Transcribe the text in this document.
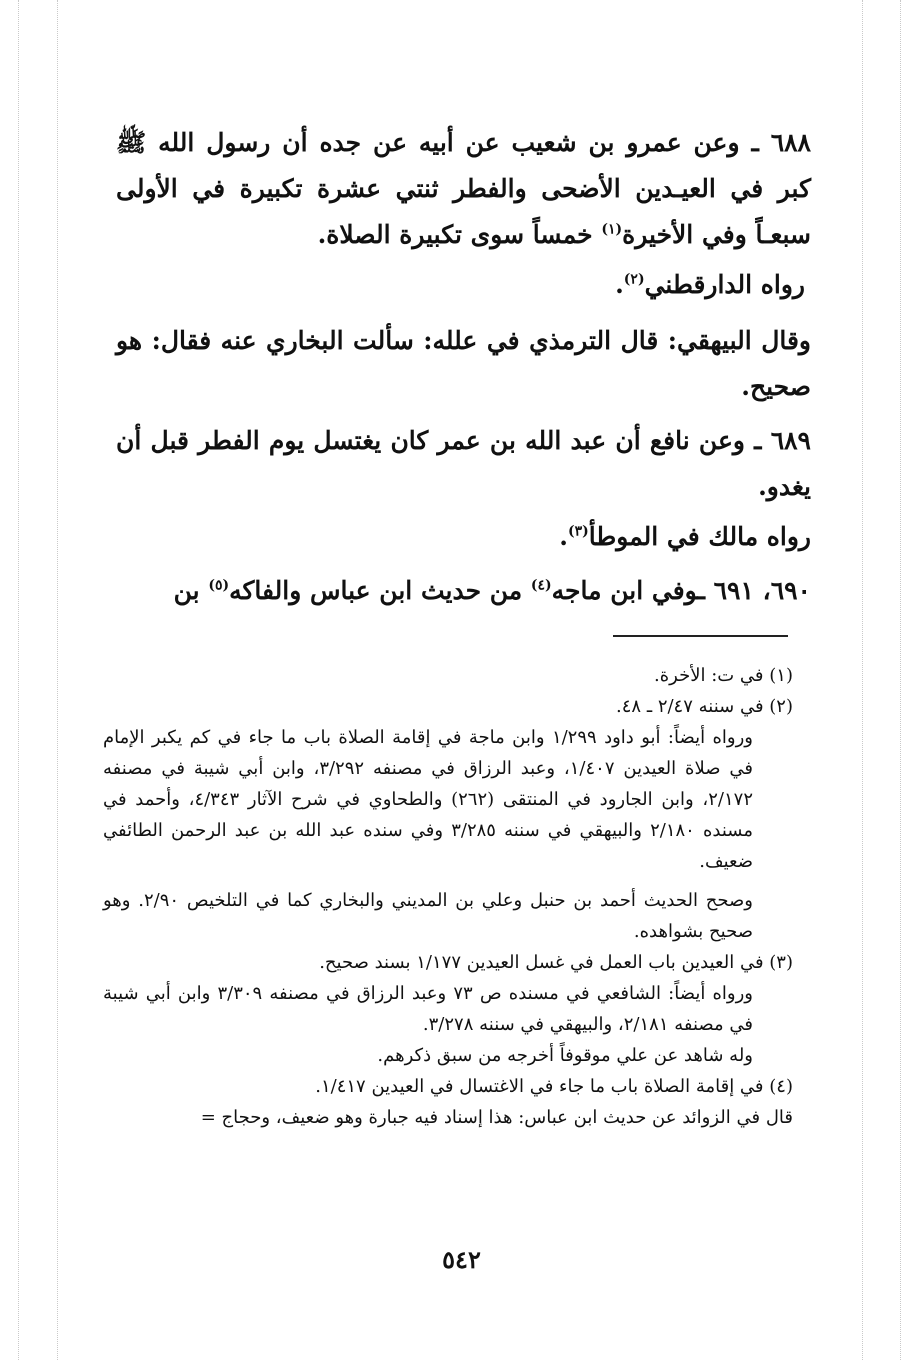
٦٨٨ ـ وعن عمرو بن شعيب عن أبيه عن جده أن رسول الله ﷺ كبر في العيـدين الأضحى والفطر ثنتي عشرة تكبيرة في الأولى سبعـاً وفي الأخيرة$^{(١)}$ خمساً سوى تكبيرة الصلاة.

رواه الدارقطني$^{(٢)}$.

وقال البيهقي: قال الترمذي في علله: سألت البخاري عنه فقال: هو صحيح.

٦٨٩ ـ وعن نافع أن عبد الله بن عمر كان يغتسل يوم الفطر قبل أن يغدو.

رواه مالك في الموطأ$^{(٣)}$.

٦٩٠، ٦٩١ ـوفي ابن ماجه$^{(٤)}$ من حديث ابن عباس والفاكه$^{(٥)}$ بن

(١) في ت: الأخرة.

(٢) في سننه ٢/٤٧ ـ ٤٨.

ورواه أيضاً: أبو داود ١/٢٩٩ وابن ماجة في إقامة الصلاة باب ما جاء في كم يكبر الإمام في صلاة العيدين ١/٤٠٧، وعبد الرزاق في مصنفه ٣/٢٩٢، وابن أبي شيبة في مصنفه ٢/١٧٢، وابن الجارود في المنتقى (٢٦٢) والطحاوي في شرح الآثار ٤/٣٤٣، وأحمد في مسنده ٢/١٨٠ والبيهقي في سننه ٣/٢٨٥ وفي سنده عبد الله بن عبد الرحمن الطائفي ضعيف.

وصحح الحديث أحمد بن حنبل وعلي بن المديني والبخاري كما في التلخيص ٢/٩٠. وهو صحيح بشواهده.

(٣) في العيدين باب العمل في غسل العيدين ١/١٧٧ بسند صحيح.

ورواه أيضاً: الشافعي في مسنده ص ٧٣ وعبد الرزاق في مصنفه ٣/٣٠٩ وابن أبي شيبة في مصنفه ٢/١٨١، والبيهقي في سننه ٣/٢٧٨.

وله شاهد عن علي موقوفاً أخرجه من سبق ذكرهم.

(٤) في إقامة الصلاة باب ما جاء في الاغتسال في العيدين ١/٤١٧.

قال في الزوائد عن حديث ابن عباس: هذا إسناد فيه جبارة وهو ضعيف، وحجاج =

٥٤٢
